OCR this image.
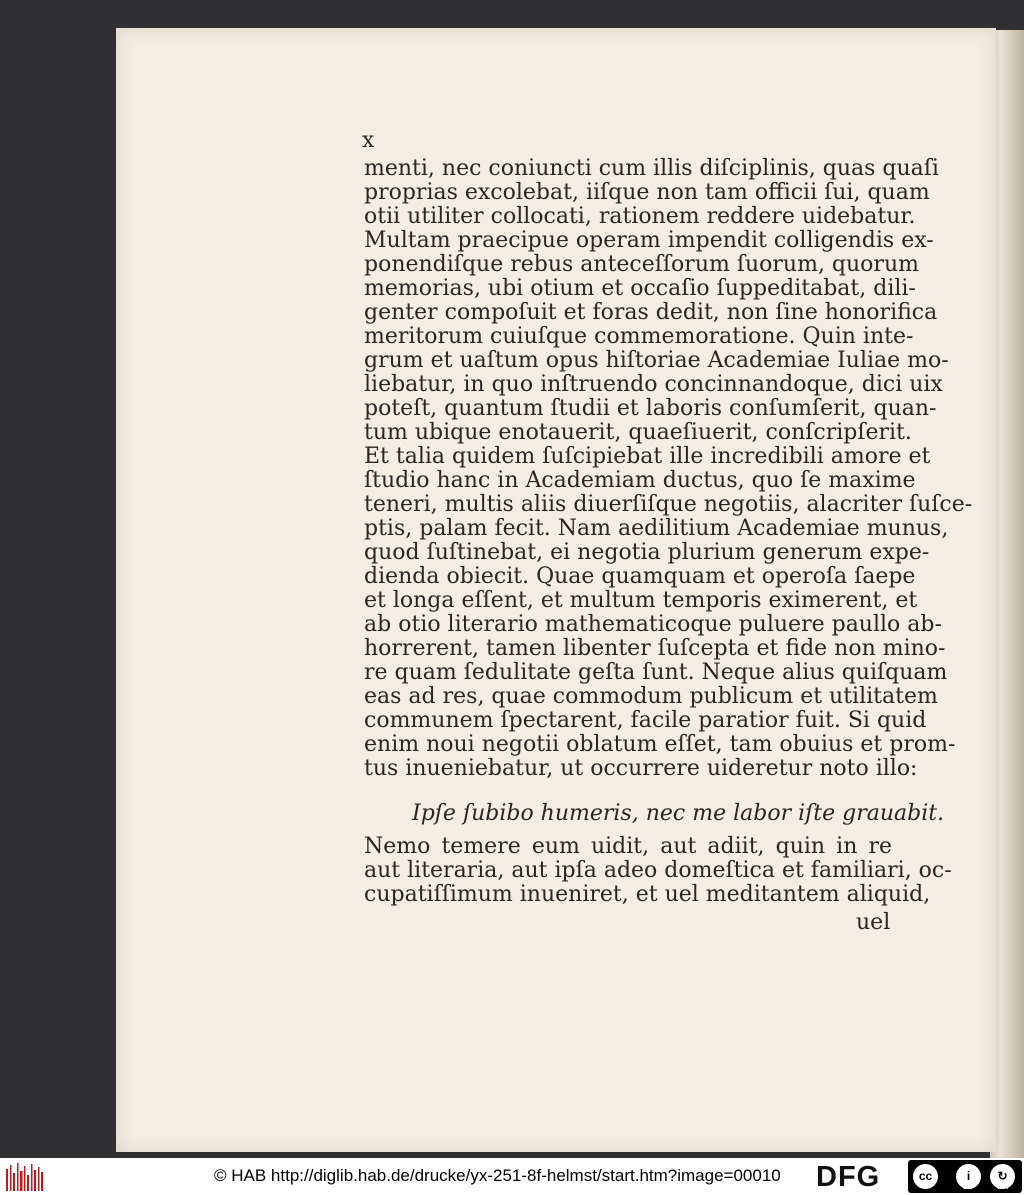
x
menti, nec coniuncti cum illis diſciplinis, quas quaſi
proprias excolebat, iiſque non tam officii ſui, quam
otii utiliter collocati, rationem reddere uidebatur.
Multam praecipue operam impendit colligendis ex-
ponendiſque rebus anteceſſorum ſuorum, quorum
memorias, ubi otium et occaſio ſuppeditabat, dili-
genter compoſuit et foras dedit, non ſine honorifica
meritorum cuiuſque commemoratione. Quin inte-
grum et uaſtum opus hiſtoriae Academiae Iuliae mo-
liebatur, in quo inſtruendo concinnandoque, dici uix
poteſt, quantum ſtudii et laboris conſumſerit, quan-
tum ubique enotauerit, quaeſiuerit, conſcripſerit.
Et talia quidem ſuſcipiebat ille incredibili amore et
ſtudio hanc in Academiam ductus, quo ſe maxime
teneri, multis aliis diuerſiſque negotiis, alacriter ſuſce-
ptis, palam fecit. Nam aedilitium Academiae munus,
quod ſuſtinebat, ei negotia plurium generum expe-
dienda obiecit. Quae quamquam et operoſa ſaepe
et longa eſſent, et multum temporis eximerent, et
ab otio literario mathematicoque puluere paullo ab-
horrerent, tamen libenter ſuſcepta et fide non mino-
re quam ſedulitate geſta ſunt. Neque alius quiſquam
eas ad res, quae commodum publicum et utilitatem
communem ſpectarent, facile paratior fuit. Si quid
enim noui negotii oblatum eſſet, tam obuius et prom-
tus inueniebatur, ut occurrere uideretur noto illo:
Ipſe ſubibo humeris, nec me labor iſte grauabit.
Nemo temere eum uidit, aut adiit, quin in re
aut literaria, aut ipſa adeo domeſtica et familiari, oc-
cupatiſſimum inueniret, et uel meditantem aliquid,
uel
© HAB http://diglib.hab.de/drucke/yx-251-8f-helmst/start.htm?image=00010 DFG	cc	i	↻
BY	SA
